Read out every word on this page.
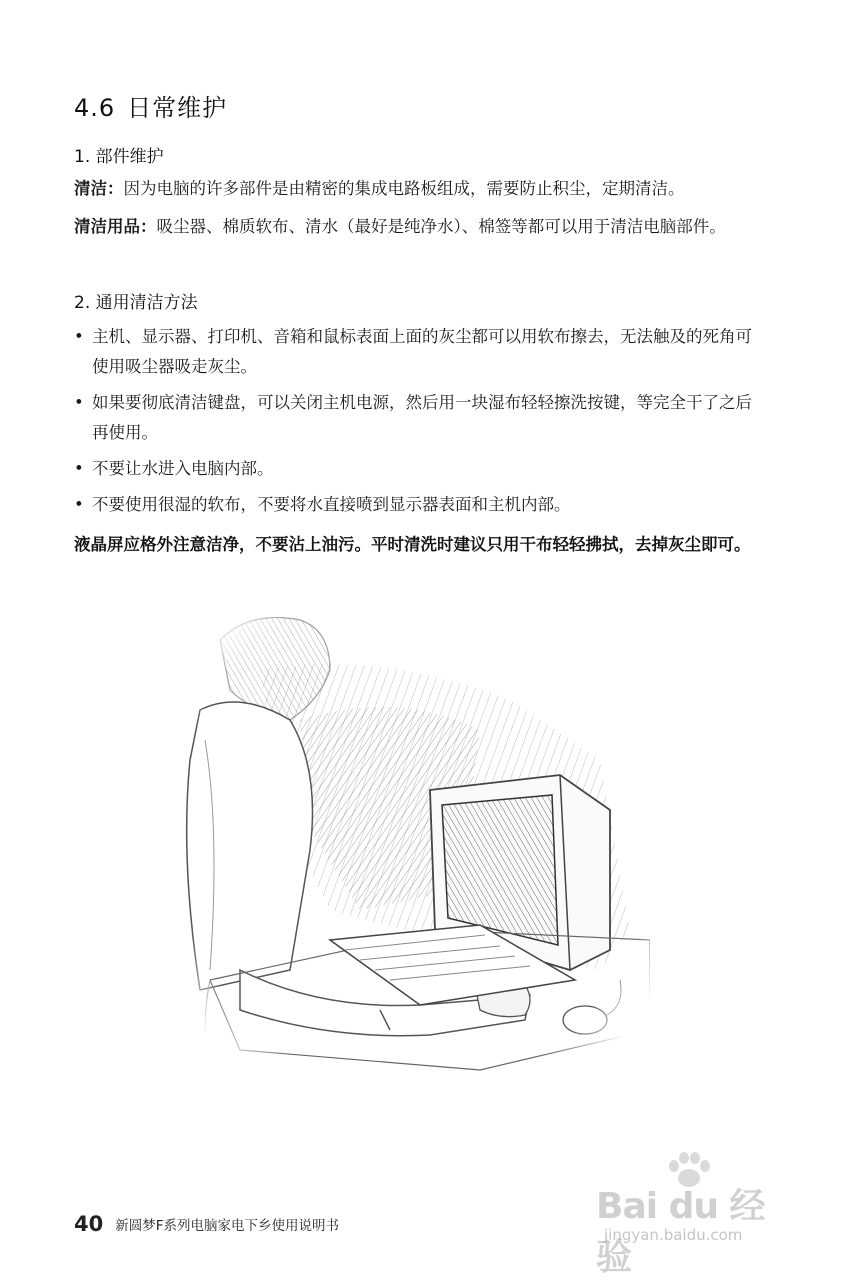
4.6 日常维护
1. 部件维护
清洁：因为电脑的许多部件是由精密的集成电路板组成，需要防止积尘，定期清洁。
清洁用品：吸尘器、棉质软布、清水（最好是纯净水）、棉签等都可以用于清洁电脑部件。
2. 通用清洁方法
• 主机、显示器、打印机、音箱和鼠标表面上面的灰尘都可以用软布擦去，无法触及的死角可使用吸尘器吸走灰尘。
• 如果要彻底清洁键盘，可以关闭主机电源，然后用一块湿布轻轻擦洗按键，等完全干了之后再使用。
• 不要让水进入电脑内部。
• 不要使用很湿的软布，不要将水直接喷到显示器表面和主机内部。
液晶屏应格外注意洁净，不要沾上油污。平时清洗时建议只用干布轻轻拂拭，去掉灰尘即可。
40 新圆梦F系列电脑家电下乡使用说明书	Bai du 经验
jingyan.baidu.com
